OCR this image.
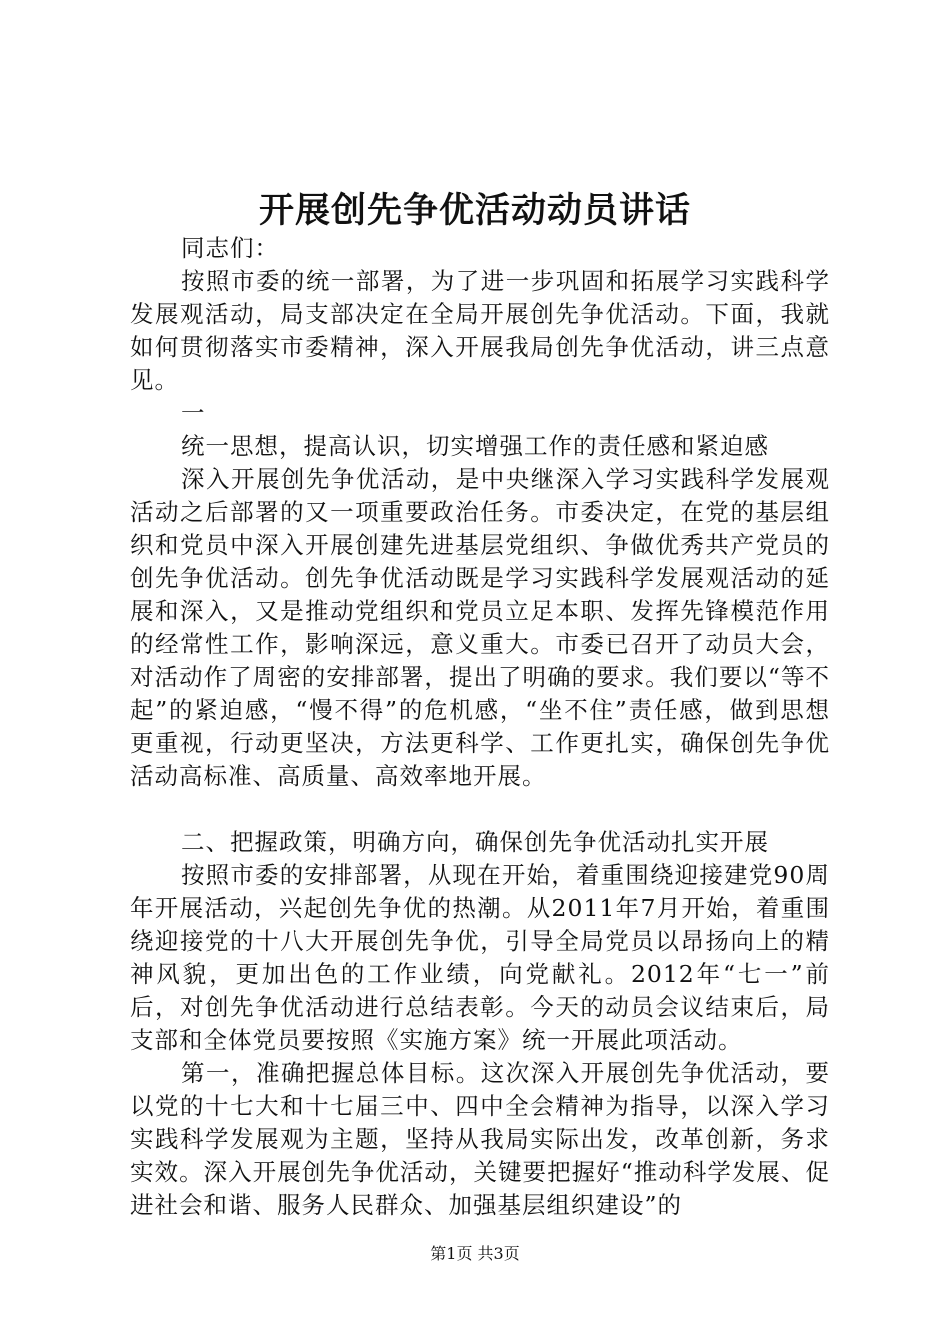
开展创先争优活动动员讲话

同志们：

按照市委的统一部署，为了进一步巩固和拓展学习实践科学发展观活动，局支部决定在全局开展创先争优活动。下面，我就如何贯彻落实市委精神，深入开展我局创先争优活动，讲三点意见。

一

统一思想，提高认识，切实增强工作的责任感和紧迫感

深入开展创先争优活动，是中央继深入学习实践科学发展观活动之后部署的又一项重要政治任务。市委决定，在党的基层组织和党员中深入开展创建先进基层党组织、争做优秀共产党员的创先争优活动。创先争优活动既是学习实践科学发展观活动的延展和深入，又是推动党组织和党员立足本职、发挥先锋模范作用的经常性工作，影响深远，意义重大。市委已召开了动员大会，对活动作了周密的安排部署，提出了明确的要求。我们要以“等不起”的紧迫感，“慢不得”的危机感，“坐不住”责任感，做到思想更重视，行动更坚决，方法更科学、工作更扎实，确保创先争优活动高标准、高质量、高效率地开展。

二、把握政策，明确方向，确保创先争优活动扎实开展

按照市委的安排部署，从现在开始，着重围绕迎接建党90周年开展活动，兴起创先争优的热潮。从2011年7月开始，着重围绕迎接党的十八大开展创先争优，引导全局党员以昂扬向上的精神风貌，更加出色的工作业绩，向党献礼。2012年“七一”前后，对创先争优活动进行总结表彰。今天的动员会议结束后，局支部和全体党员要按照《实施方案》统一开展此项活动。

第一，准确把握总体目标。这次深入开展创先争优活动，要以党的十七大和十七届三中、四中全会精神为指导，以深入学习实践科学发展观为主题，坚持从我局实际出发，改革创新，务求实效。深入开展创先争优活动，关键要把握好“推动科学发展、促进社会和谐、服务人民群众、加强基层组织建设”的

第1页 共3页
